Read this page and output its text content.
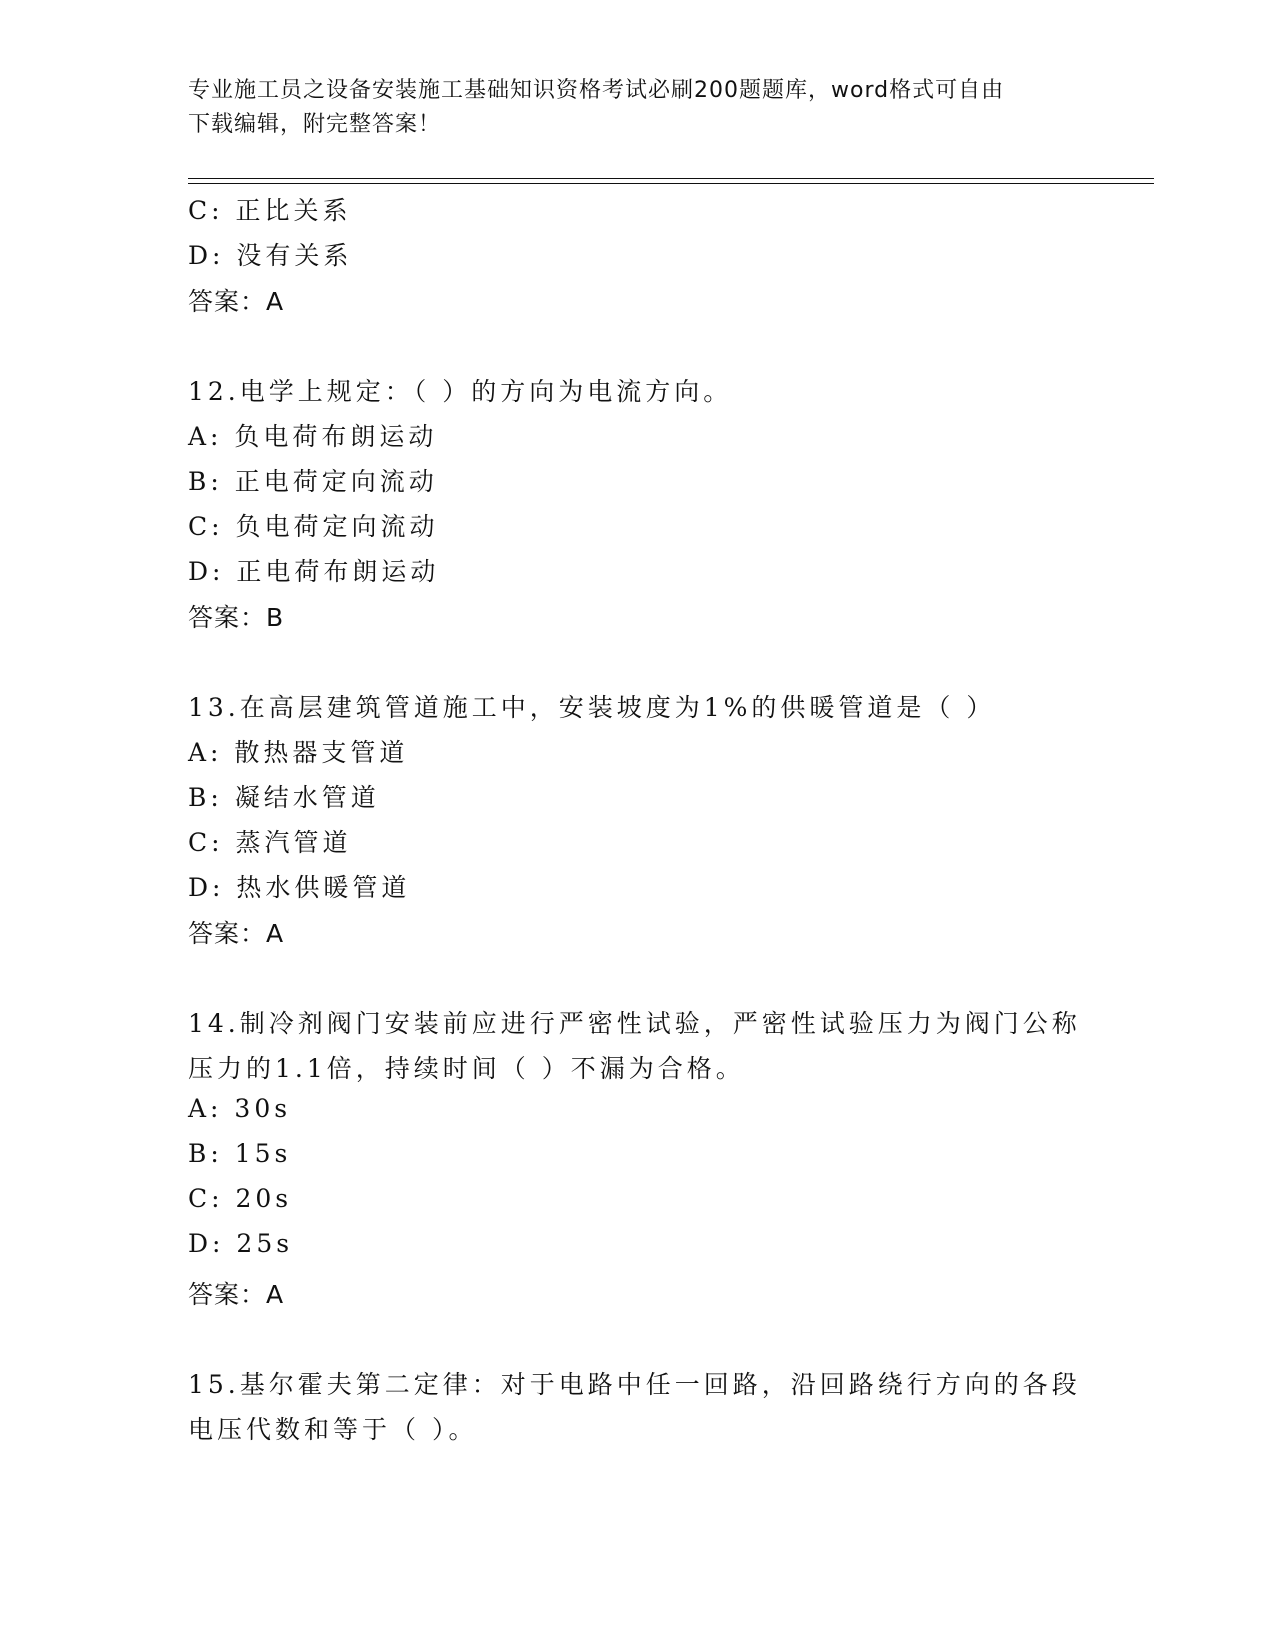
专业施工员之设备安装施工基础知识资格考试必刷200题题库，word格式可自由
下载编辑，附完整答案！
C: 正比关系
D: 没有关系
答案：A
12.电学上规定：（ ）的方向为电流方向。
A: 负电荷布朗运动
B: 正电荷定向流动
C: 负电荷定向流动
D: 正电荷布朗运动
答案：B
13.在高层建筑管道施工中，安装坡度为1%的供暖管道是（ ）
A: 散热器支管道
B: 凝结水管道
C: 蒸汽管道
D: 热水供暖管道
答案：A
14.制冷剂阀门安装前应进行严密性试验，严密性试验压力为阀门公称
压力的1.1倍，持续时间（ ）不漏为合格。
A: 30s
B: 15s
C: 20s
D: 25s
答案：A
15.基尔霍夫第二定律：对于电路中任一回路，沿回路绕行方向的各段
电压代数和等于（ ）。
